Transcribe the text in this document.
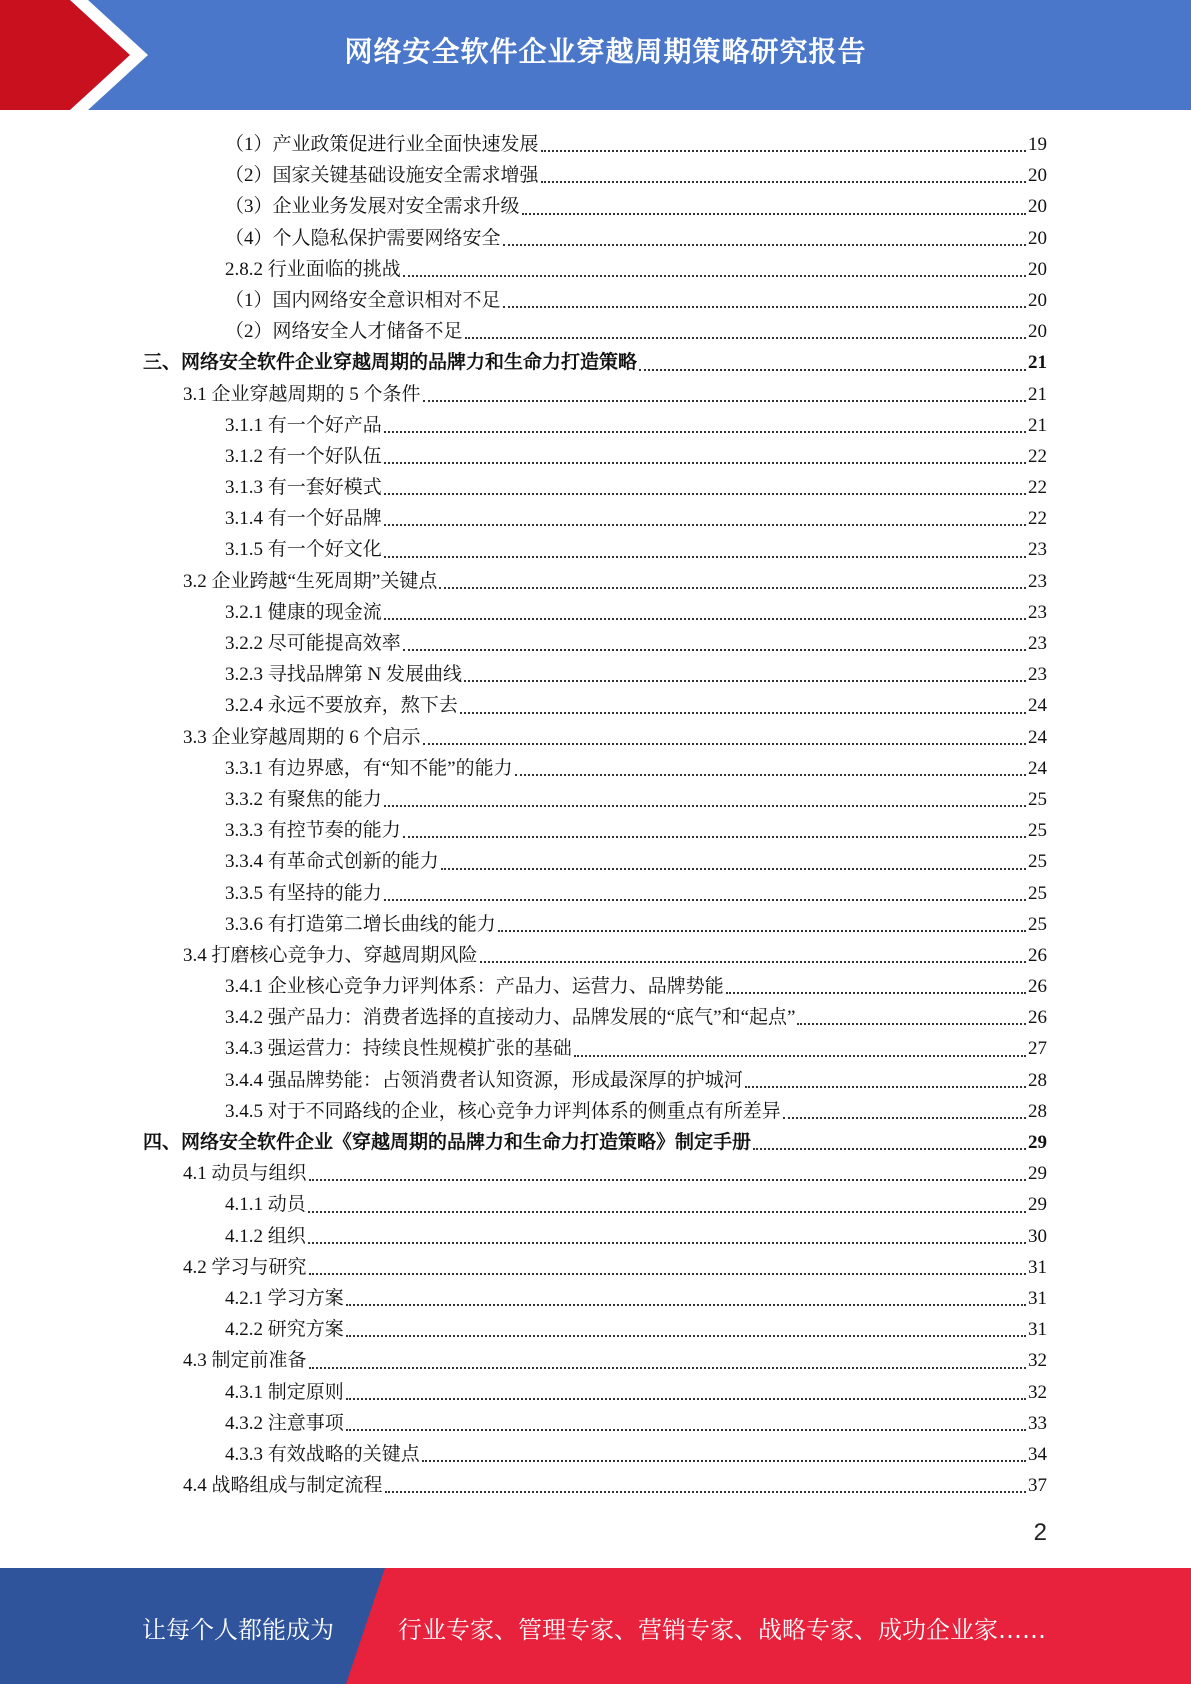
网络安全软件企业穿越周期策略研究报告
（1）产业政策促进行业全面快速发展	19
（2）国家关键基础设施安全需求增强	20
（3）企业业务发展对安全需求升级	20
（4）个人隐私保护需要网络安全	20
2.8.2 行业面临的挑战	20
（1）国内网络安全意识相对不足	20
（2）网络安全人才储备不足	20
三、网络安全软件企业穿越周期的品牌力和生命力打造策略	21
3.1 企业穿越周期的 5 个条件	21
3.1.1 有一个好产品	21
3.1.2 有一个好队伍	22
3.1.3 有一套好模式	22
3.1.4 有一个好品牌	22
3.1.5 有一个好文化	23
3.2 企业跨越“生死周期”关键点	23
3.2.1 健康的现金流	23
3.2.2 尽可能提高效率	23
3.2.3 寻找品牌第 N 发展曲线	23
3.2.4 永远不要放弃，熬下去	24
3.3 企业穿越周期的 6 个启示	24
3.3.1 有边界感，有“知不能”的能力	24
3.3.2 有聚焦的能力	25
3.3.3 有控节奏的能力	25
3.3.4 有革命式创新的能力	25
3.3.5 有坚持的能力	25
3.3.6 有打造第二增长曲线的能力	25
3.4 打磨核心竞争力、穿越周期风险	26
3.4.1 企业核心竞争力评判体系：产品力、运营力、品牌势能	26
3.4.2 强产品力：消费者选择的直接动力、品牌发展的“底气”和“起点”	26
3.4.3 强运营力：持续良性规模扩张的基础	27
3.4.4 强品牌势能：占领消费者认知资源，形成最深厚的护城河	28
3.4.5 对于不同路线的企业，核心竞争力评判体系的侧重点有所差异	28
四、网络安全软件企业《穿越周期的品牌力和生命力打造策略》制定手册	29
4.1 动员与组织	29
4.1.1 动员	29
4.1.2 组织	30
4.2 学习与研究	31
4.2.1 学习方案	31
4.2.2 研究方案	31
4.3 制定前准备	32
4.3.1 制定原则	32
4.3.2 注意事项	33
4.3.3 有效战略的关键点	34
4.4 战略组成与制定流程	37
2
让每个人都能成为	行业专家、管理专家、营销专家、战略专家、成功企业家……
